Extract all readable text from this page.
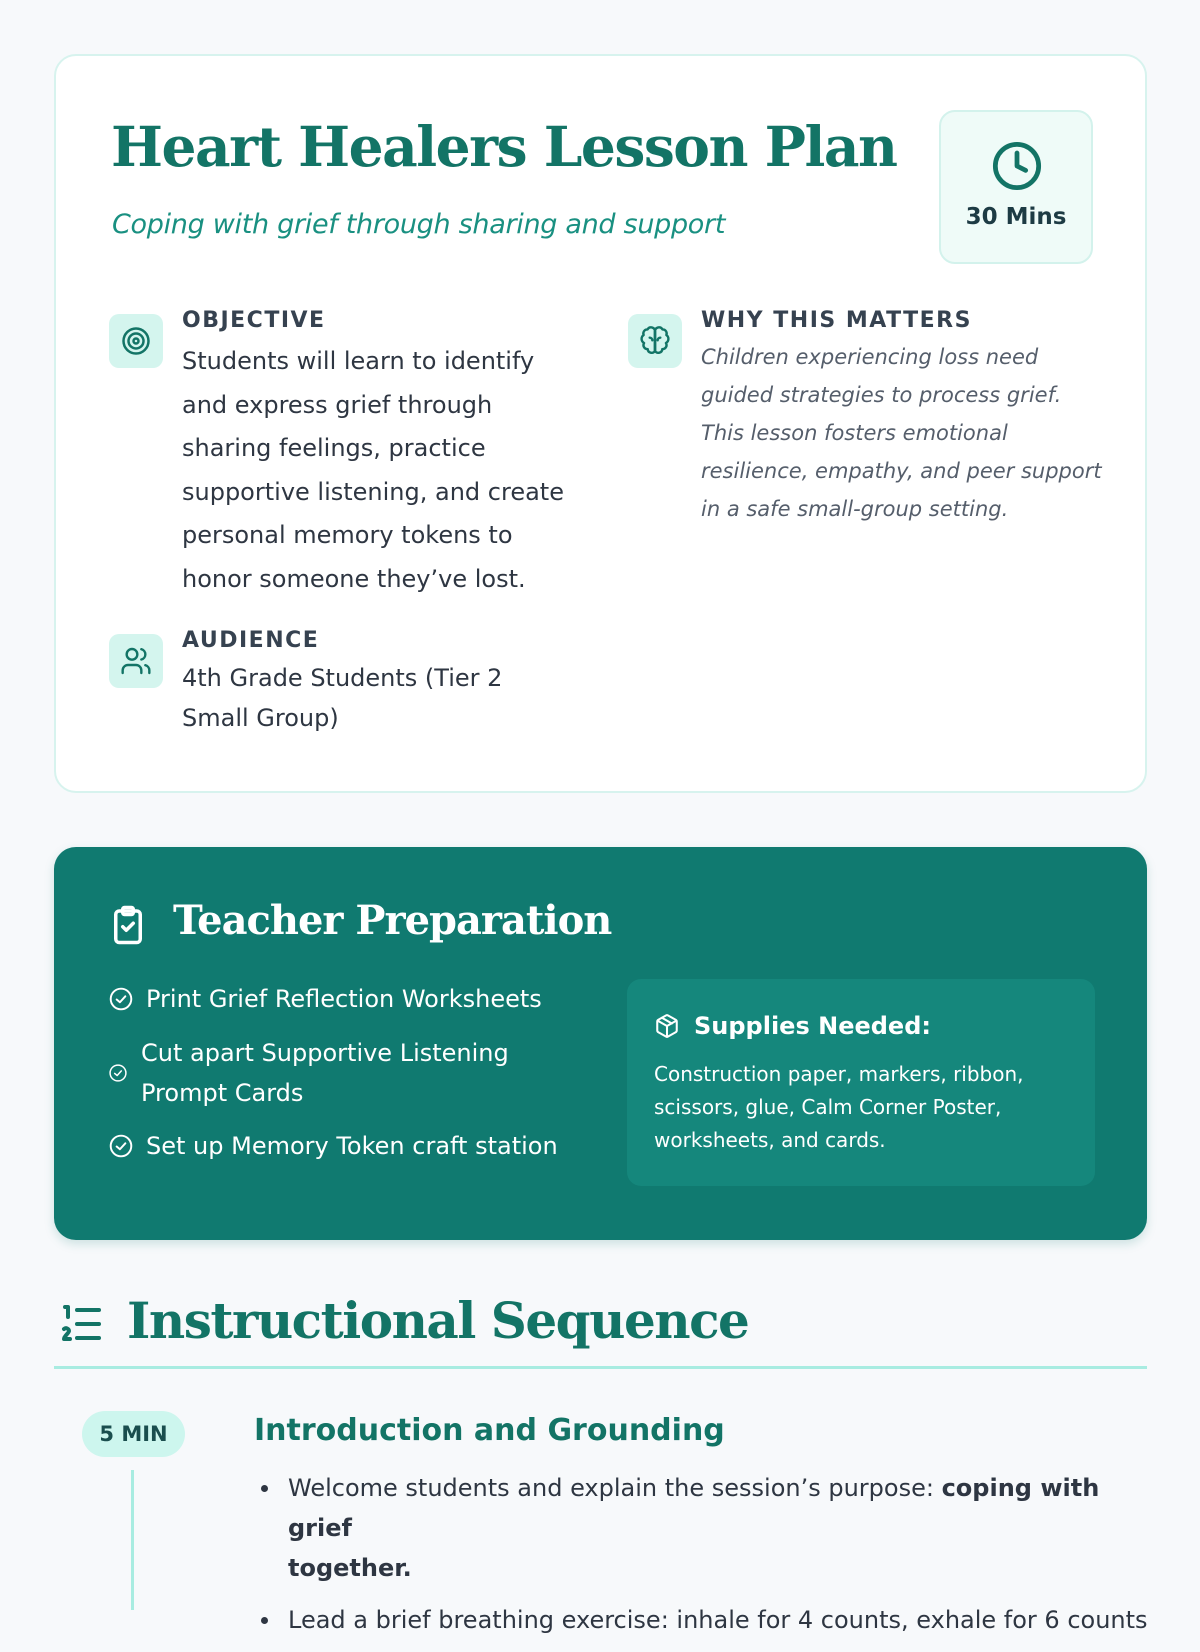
Heart Healers Lesson Plan
Coping with grief through sharing and support	30 Mins
OBJECTIVE
Students will learn to identify
and express grief through
sharing feelings, practice
supportive listening, and create
personal memory tokens to
honor someone they’ve lost.
AUDIENCE
4th Grade Students (Tier 2
Small Group)
WHY THIS MATTERS
Children experiencing loss need
guided strategies to process grief.
This lesson fosters emotional
resilience, empathy, and peer support
in a safe small-group setting.
Teacher Preparation
Print Grief Reflection Worksheets
Cut apart Supportive Listening
Prompt Cards
Set up Memory Token craft station
Supplies Needed:
Construction paper, markers, ribbon,
scissors, glue, Calm Corner Poster,
worksheets, and cards.
Instructional Sequence
5 MIN	Introduction and Grounding
Welcome students and explain the session’s purpose: coping with grief
together.
Lead a brief breathing exercise: inhale for 4 counts, exhale for 6 counts
